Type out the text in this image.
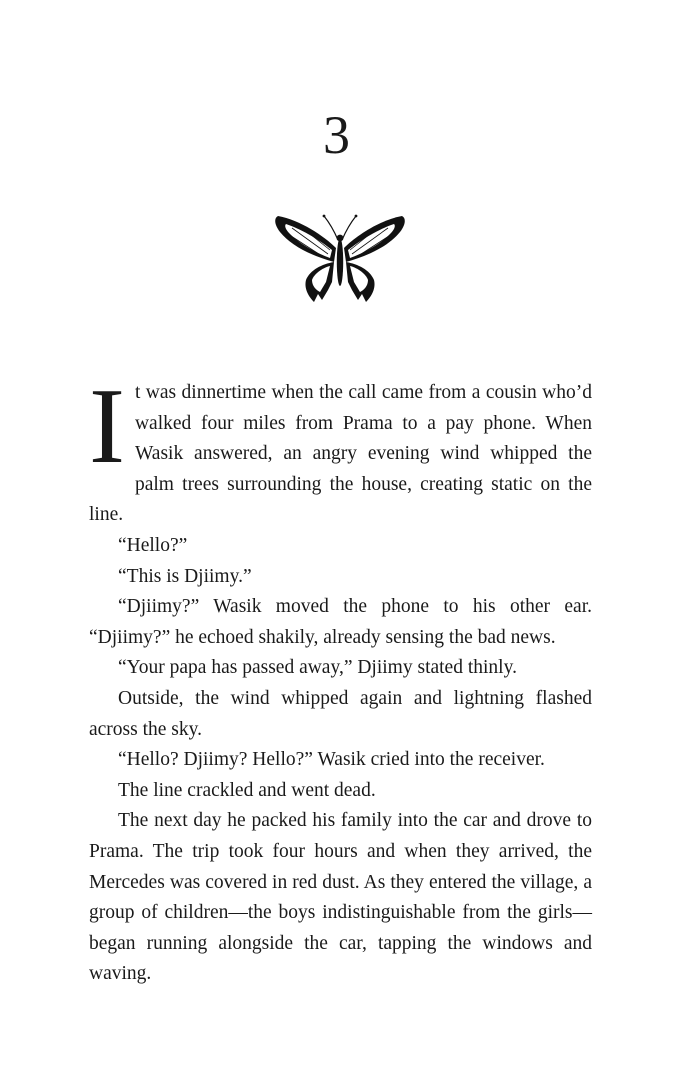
3

It was dinnertime when the call came from a cousin who’d walked four miles from Prama to a pay phone. When Wasik answered, an angry evening wind whipped the palm trees surrounding the house, creating static on the line.

“Hello?”

“This is Djiimy.”

“Djiimy?” Wasik moved the phone to his other ear. “Djiimy?” he echoed shakily, already sensing the bad news.

“Your papa has passed away,” Djiimy stated thinly.

Outside, the wind whipped again and lightning flashed across the sky.

“Hello? Djiimy? Hello?” Wasik cried into the receiver.

The line crackled and went dead.

The next day he packed his family into the car and drove to Prama. The trip took four hours and when they arrived, the Mercedes was covered in red dust. As they entered the village, a group of children—the boys indistinguishable from the girls—began running alongside the car, tapping the windows and waving.
